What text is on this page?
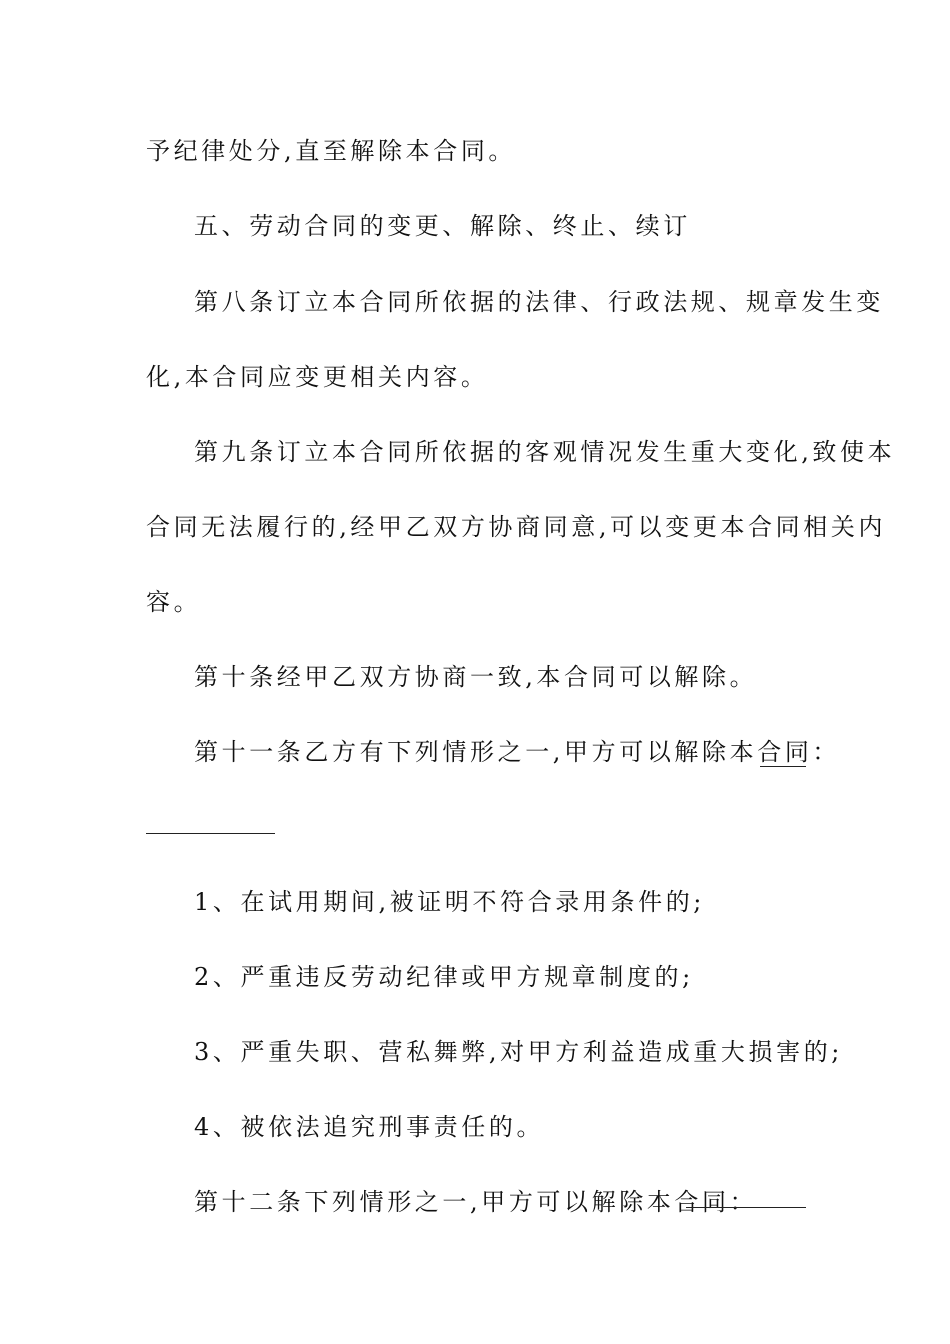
予纪律处分,直至解除本合同。
五、劳动合同的变更、解除、终止、续订
第八条订立本合同所依据的法律、行政法规、规章发生变
化,本合同应变更相关内容。
第九条订立本合同所依据的客观情况发生重大变化,致使本
合同无法履行的,经甲乙双方协商同意,可以变更本合同相关内
容。
第十条经甲乙双方协商一致,本合同可以解除。
第十一条乙方有下列情形之一,甲方可以解除本合同：
1、在试用期间,被证明不符合录用条件的;
2、严重违反劳动纪律或甲方规章制度的;
3、严重失职、营私舞弊,对甲方利益造成重大损害的;
4、被依法追究刑事责任的。
第十二条下列情形之一,甲方可以解除本合同：
